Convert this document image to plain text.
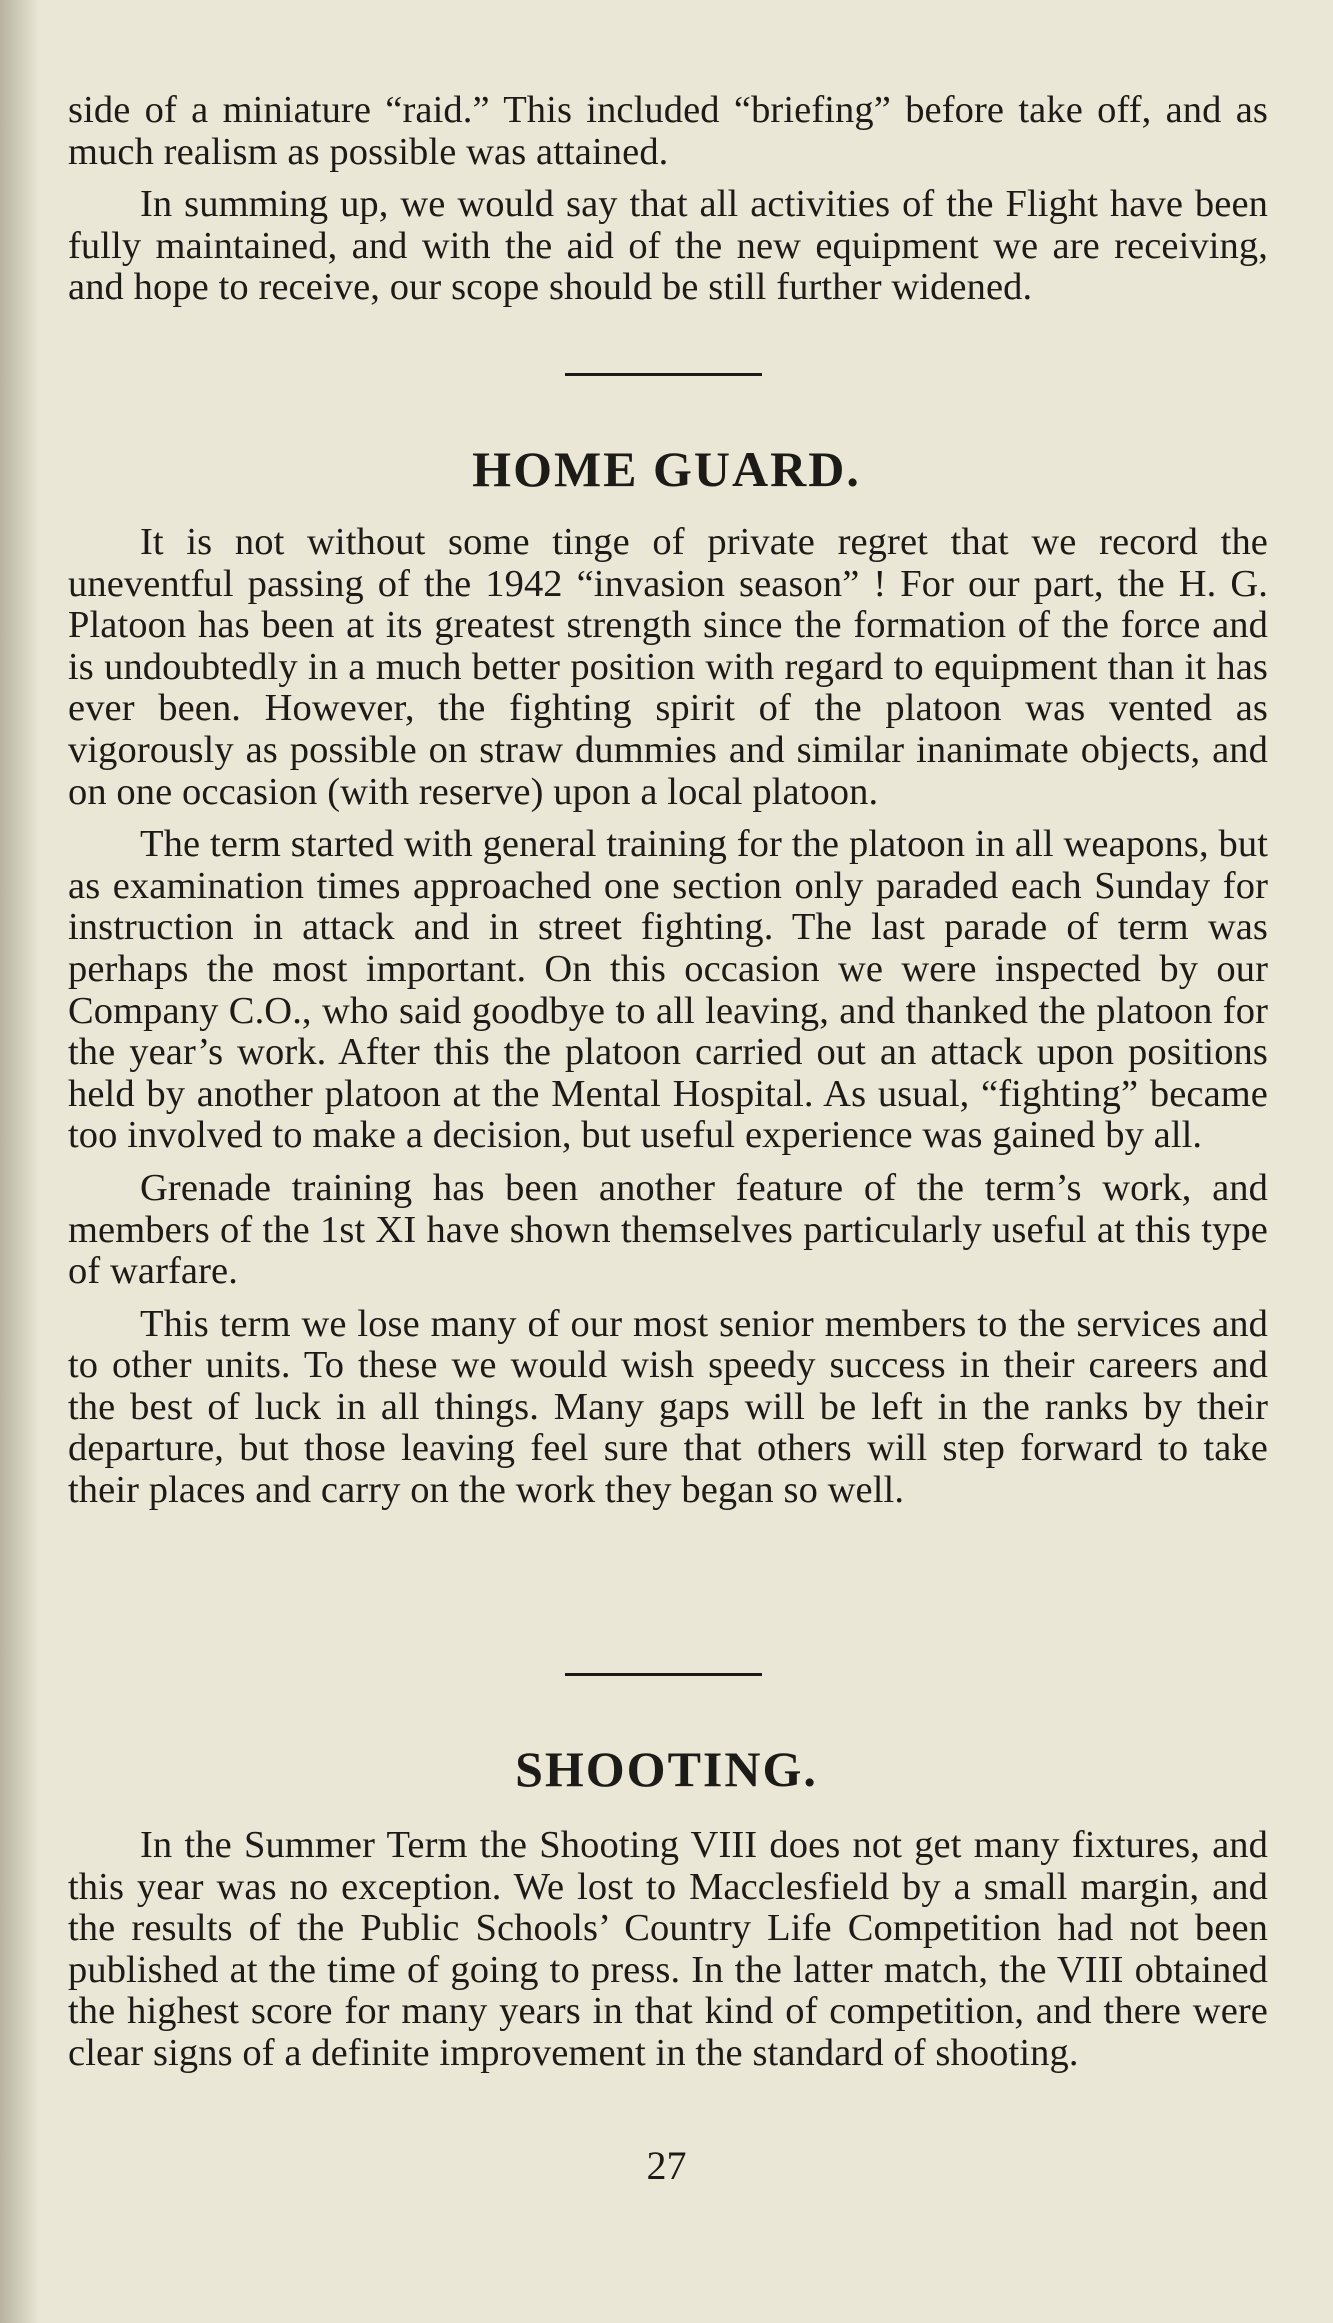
side of a miniature “raid.” This included “briefing” before take off, and as much realism as possible was attained.

In summing up, we would say that all activities of the Flight have been fully maintained, and with the aid of the new equipment we are receiving, and hope to receive, our scope should be still further widened.

HOME GUARD.

It is not without some tinge of private regret that we record the uneventful passing of the 1942 “invasion season” ! For our part, the H. G. Platoon has been at its greatest strength since the formation of the force and is undoubtedly in a much better position with regard to equipment than it has ever been. However, the fighting spirit of the platoon was vented as vigorously as possible on straw dummies and similar inanimate objects, and on one occasion (with reserve) upon a local platoon.

The term started with general training for the platoon in all weapons, but as examination times approached one section only paraded each Sunday for instruction in attack and in street fighting. The last parade of term was perhaps the most important. On this occasion we were inspected by our Company C.O., who said goodbye to all leaving, and thanked the platoon for the year’s work. After this the platoon carried out an attack upon positions held by another platoon at the Mental Hospital. As usual, “fighting” became too involved to make a decision, but useful experience was gained by all.

Grenade training has been another feature of the term’s work, and members of the 1st XI have shown themselves particularly useful at this type of warfare.

This term we lose many of our most senior members to the services and to other units. To these we would wish speedy success in their careers and the best of luck in all things. Many gaps will be left in the ranks by their departure, but those leaving feel sure that others will step forward to take their places and carry on the work they began so well.

SHOOTING.

In the Summer Term the Shooting VIII does not get many fixtures, and this year was no exception. We lost to Macclesfield by a small margin, and the results of the Public Schools’ Country Life Competition had not been published at the time of going to press. In the latter match, the VIII obtained the highest score for many years in that kind of competition, and there were clear signs of a definite improvement in the standard of shooting.

27
